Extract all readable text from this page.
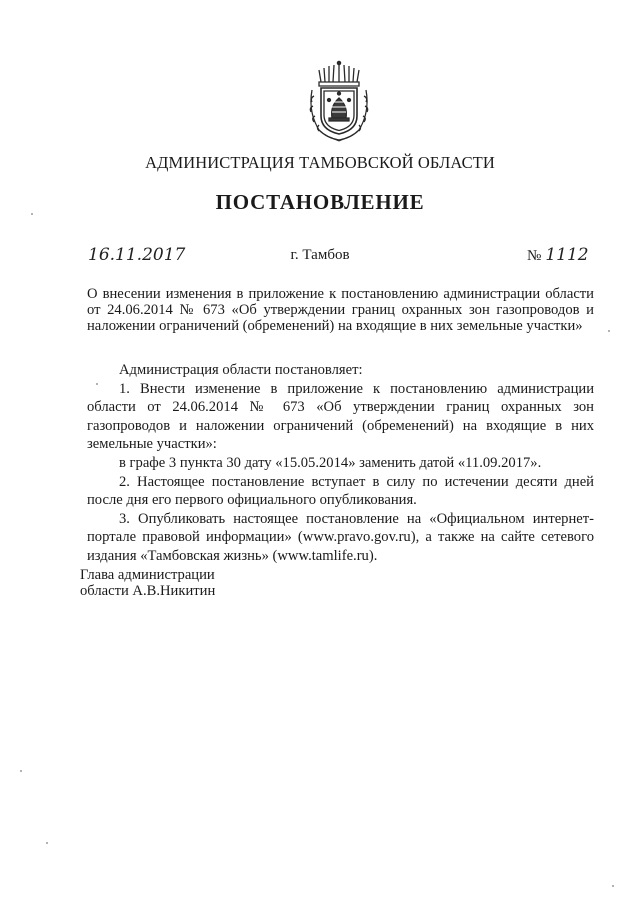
АДМИНИСТРАЦИЯ ТАМБОВСКОЙ ОБЛАСТИ
ПОСТАНОВЛЕНИЕ
16.11.2017	г. Тамбов	№ 1112
О внесении изменения в приложение к постановлению администрации области от 24.06.2014 № 673 «Об утверждении границ охранных зон газопроводов и наложении ограничений (обременений) на входящие в них земельные участки»

Администрация области постановляет:

1. Внести изменение в приложение к постановлению администрации области от 24.06.2014 № 673 «Об утверждении границ охранных зон газопроводов и наложении ограничений (обременений) на входящие в них земельные участки»:

в графе 3 пункта 30 дату «15.05.2014» заменить датой «11.09.2017».

2. Настоящее постановление вступает в силу по истечении десяти дней после дня его первого официального опубликования.

3. Опубликовать настоящее постановление на «Официальном интернет-портале правовой информации» (www.pravo.gov.ru), а также на сайте сетевого издания «Тамбовская жизнь» (www.tamlife.ru).

Глава администрации
области А.В.Никитин
